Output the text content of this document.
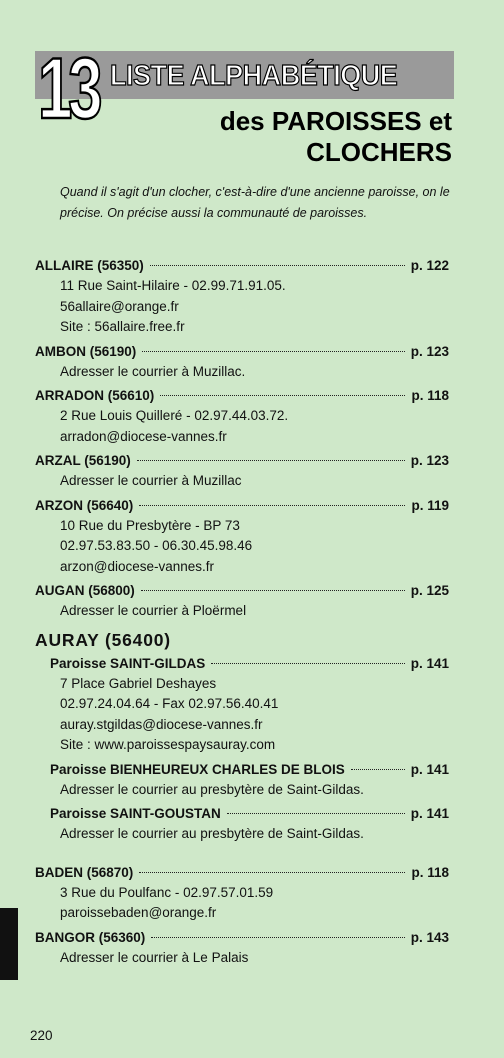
13 LISTE ALPHABÉTIQUE
des PAROISSES et
CLOCHERS
Quand il s'agit d'un clocher, c'est-à-dire d'une ancienne paroisse, on le précise. On précise aussi la communauté de paroisses.
ALLAIRE (56350)	p. 122
11 Rue Saint-Hilaire - 02.99.71.91.05.
56allaire@orange.fr
Site : 56allaire.free.fr
AMBON (56190)	p. 123
Adresser le courrier à Muzillac.
ARRADON (56610)	p. 118
2 Rue Louis Quilleré - 02.97.44.03.72.
arradon@diocese-vannes.fr
ARZAL (56190)	p. 123
Adresser le courrier à Muzillac
ARZON (56640)	p. 119
10 Rue du Presbytère - BP 73
02.97.53.83.50 - 06.30.45.98.46
arzon@diocese-vannes.fr
AUGAN (56800)	p. 125
Adresser le courrier à Ploërmel
AURAY (56400)
Paroisse SAINT-GILDAS	p. 141
7 Place Gabriel Deshayes
02.97.24.04.64 - Fax 02.97.56.40.41
auray.stgildas@diocese-vannes.fr
Site : www.paroissespaysauray.com
Paroisse BIENHEUREUX CHARLES DE BLOIS	p. 141
Adresser le courrier au presbytère de Saint-Gildas.
Paroisse SAINT-GOUSTAN	p. 141
Adresser le courrier au presbytère de Saint-Gildas.
BADEN (56870)	p. 118
3 Rue du Poulfanc - 02.97.57.01.59
paroissebaden@orange.fr
BANGOR (56360)	p. 143
Adresser le courrier à Le Palais
220
